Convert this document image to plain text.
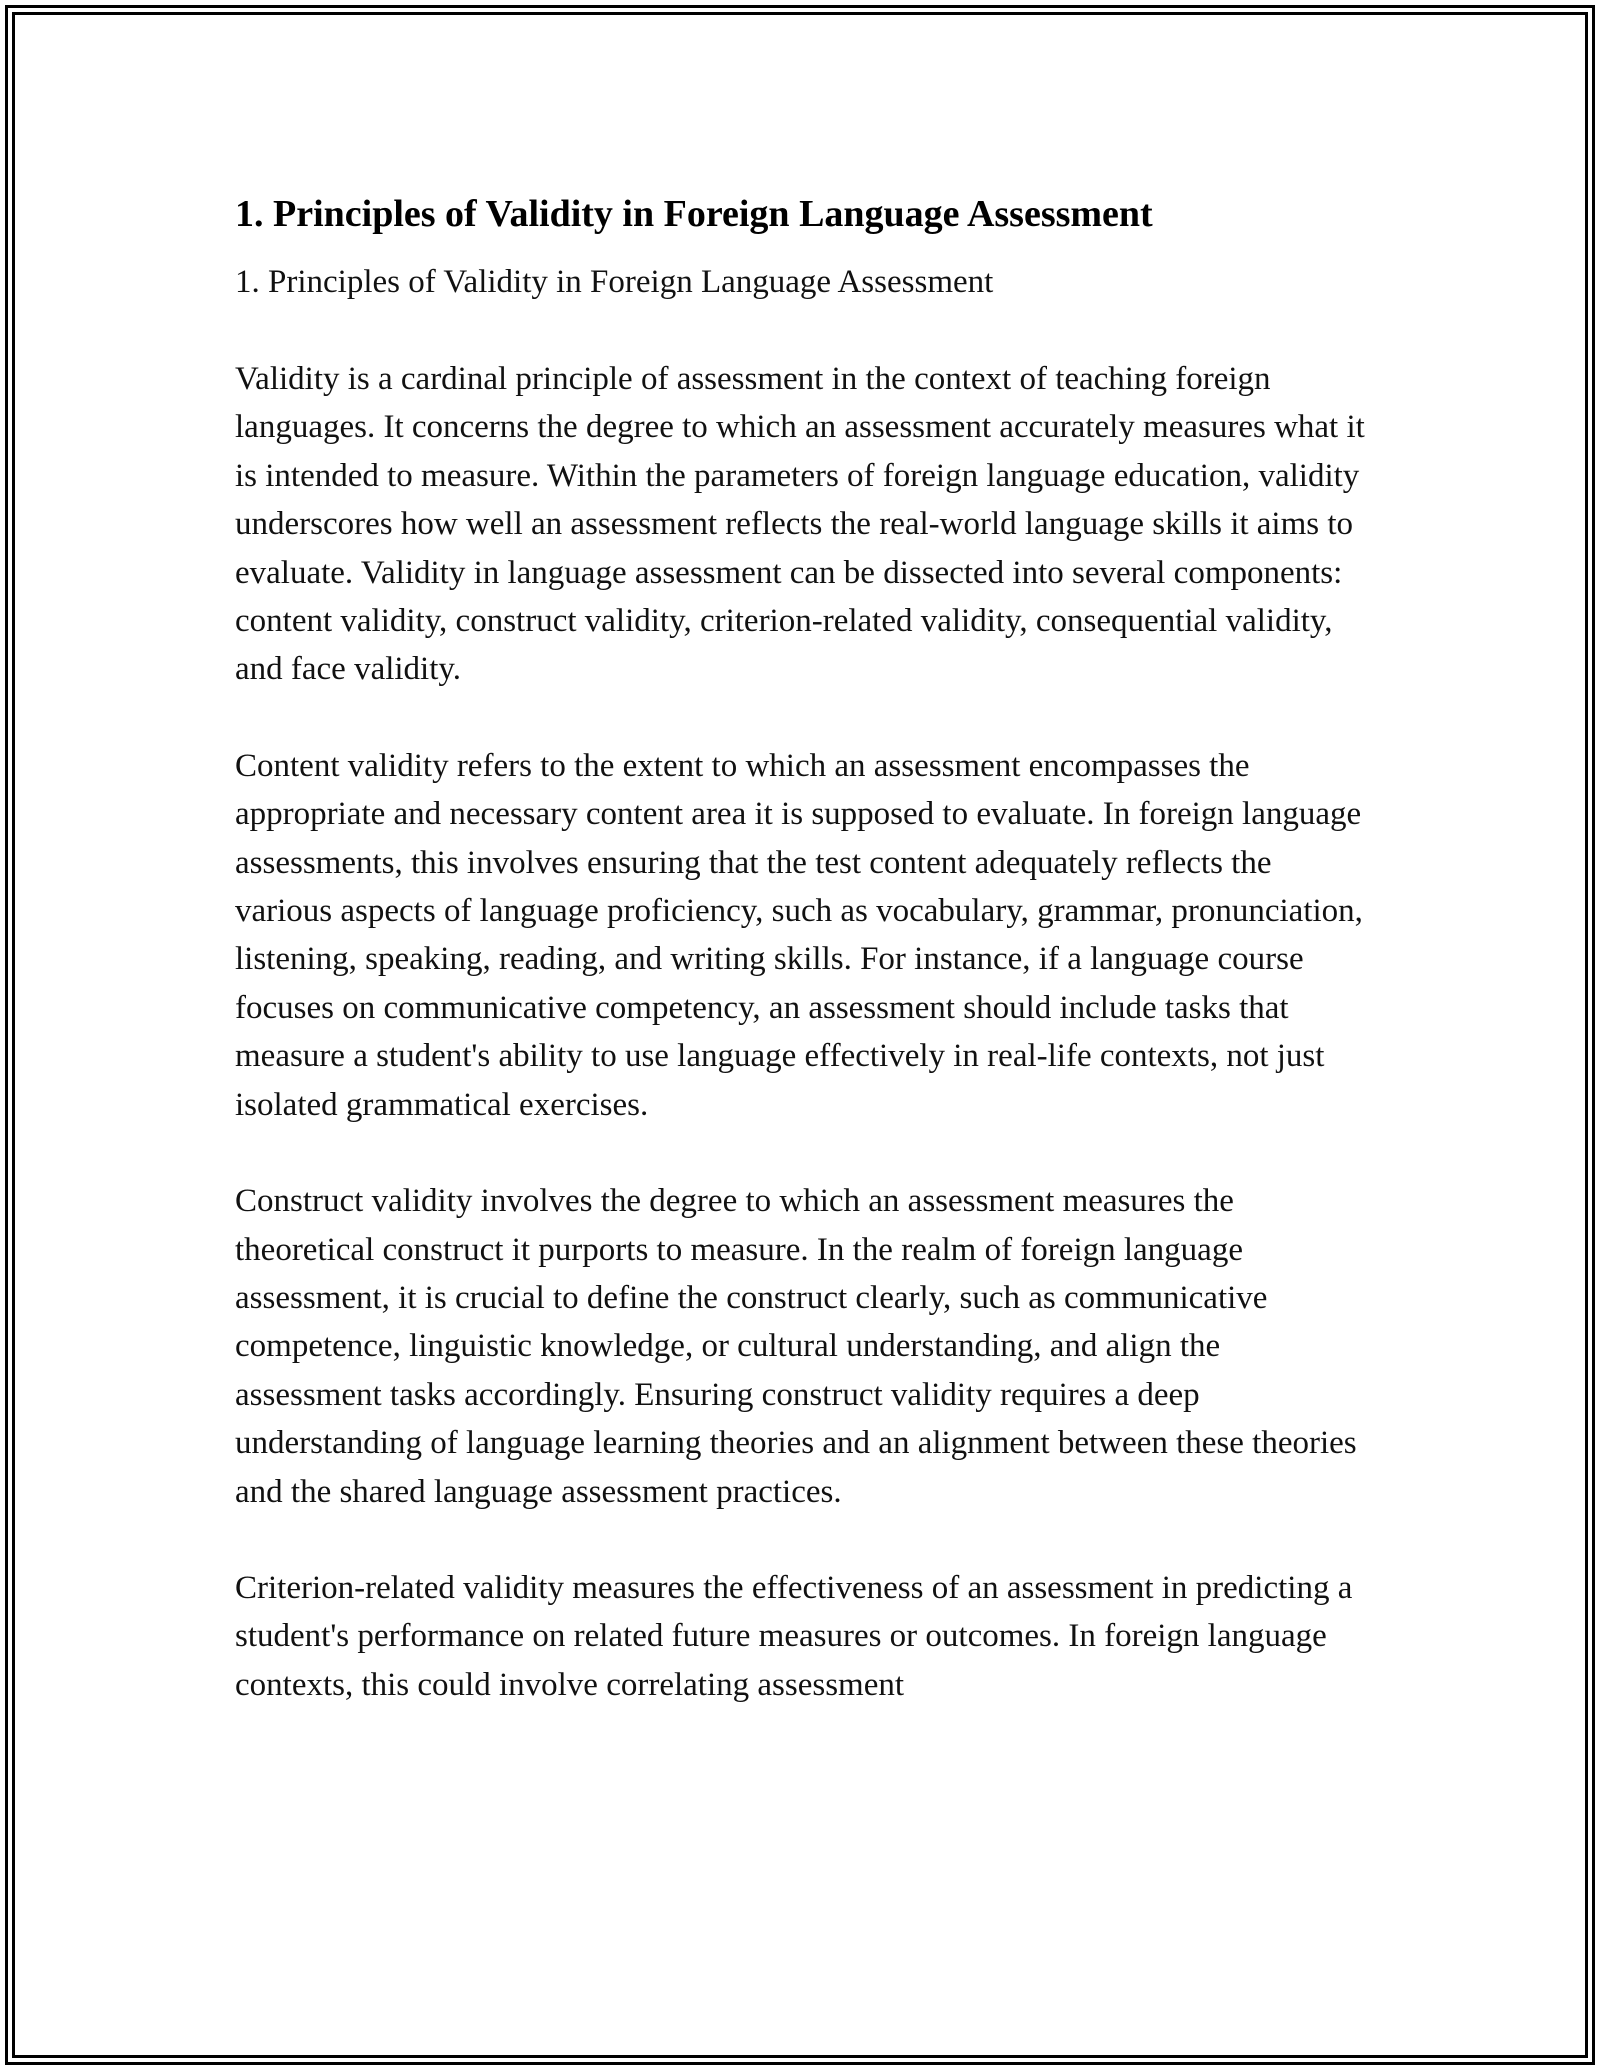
1. Principles of Validity in Foreign Language Assessment
1. Principles of Validity in Foreign Language Assessment

Validity is a cardinal principle of assessment in the context of teaching foreign languages. It concerns the degree to which an assessment accurately measures what it is intended to measure. Within the parameters of foreign language education, validity underscores how well an assessment reflects the real-world language skills it aims to evaluate. Validity in language assessment can be dissected into several components: content validity, construct validity, criterion-related validity, consequential validity, and face validity.

Content validity refers to the extent to which an assessment encompasses the appropriate and necessary content area it is supposed to evaluate. In foreign language assessments, this involves ensuring that the test content adequately reflects the various aspects of language proficiency, such as vocabulary, grammar, pronunciation, listening, speaking, reading, and writing skills. For instance, if a language course focuses on communicative competency, an assessment should include tasks that measure a student's ability to use language effectively in real-life contexts, not just isolated grammatical exercises.

Construct validity involves the degree to which an assessment measures the theoretical construct it purports to measure. In the realm of foreign language assessment, it is crucial to define the construct clearly, such as communicative competence, linguistic knowledge, or cultural understanding, and align the assessment tasks accordingly. Ensuring construct validity requires a deep understanding of language learning theories and an alignment between these theories and the shared language assessment practices.

Criterion-related validity measures the effectiveness of an assessment in predicting a student's performance on related future measures or outcomes. In foreign language contexts, this could involve correlating assessment
